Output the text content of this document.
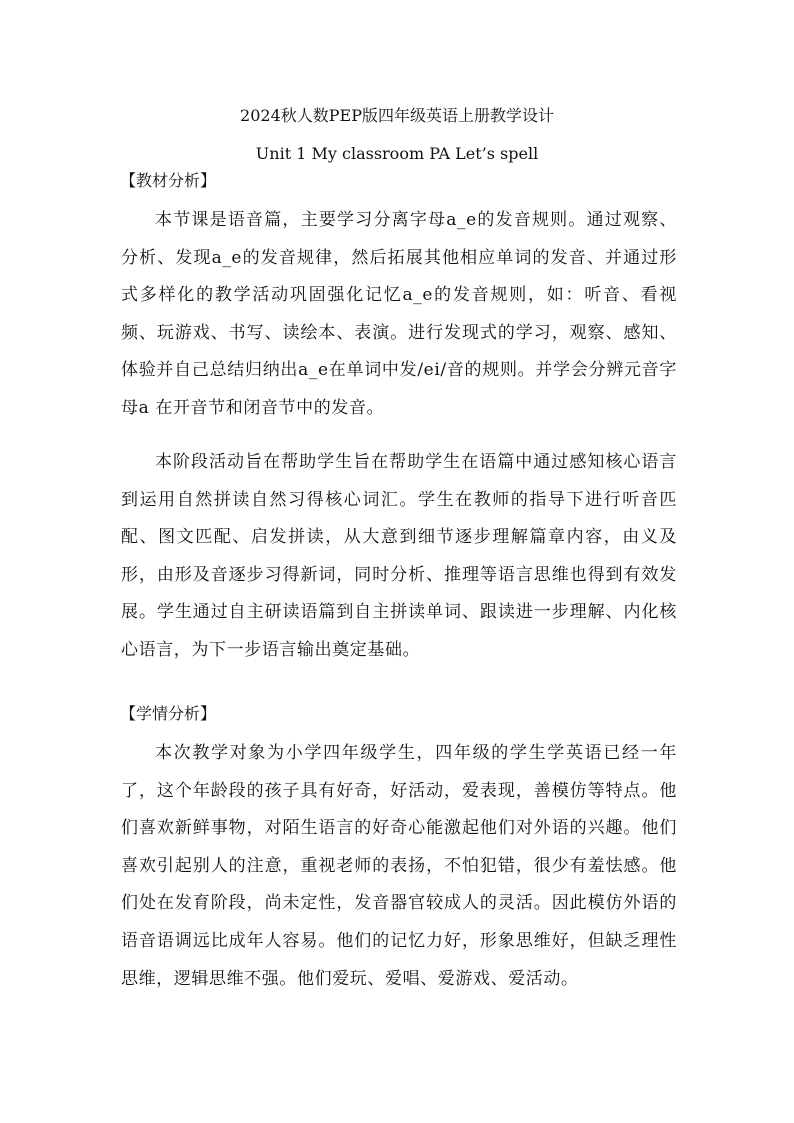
2024秋人数PEP版四年级英语上册教学设计
Unit 1 My classroom PA Let’s spell
【教材分析】

本节课是语音篇，主要学习分离字母a_e的发音规则。通过观察、分析、发现a_e的发音规律，然后拓展其他相应单词的发音、并通过形式多样化的教学活动巩固强化记忆a_e的发音规则，如：听音、看视频、玩游戏、书写、读绘本、表演。进行发现式的学习，观察、感知、体验并自己总结归纳出a_e在单词中发/ei/音的规则。并学会分辨元音字母a 在开音节和闭音节中的发音。

本阶段活动旨在帮助学生旨在帮助学生在语篇中通过感知核心语言到运用自然拼读自然习得核心词汇。学生在教师的指导下进行听音匹配、图文匹配、启发拼读，从大意到细节逐步理解篇章内容，由义及形，由形及音逐步习得新词，同时分析、推理等语言思维也得到有效发展。学生通过自主研读语篇到自主拼读单词、跟读进一步理解、内化核心语言，为下一步语言输出奠定基础。

【学情分析】

本次教学对象为小学四年级学生，四年级的学生学英语已经一年了，这个年龄段的孩子具有好奇，好活动，爱表现，善模仿等特点。他们喜欢新鲜事物，对陌生语言的好奇心能激起他们对外语的兴趣。他们喜欢引起别人的注意，重视老师的表扬，不怕犯错，很少有羞怯感。他们处在发育阶段，尚未定性，发音器官较成人的灵活。因此模仿外语的语音语调远比成年人容易。他们的记忆力好，形象思维好，但缺乏理性思维，逻辑思维不强。他们爱玩、爱唱、爱游戏、爱活动。
